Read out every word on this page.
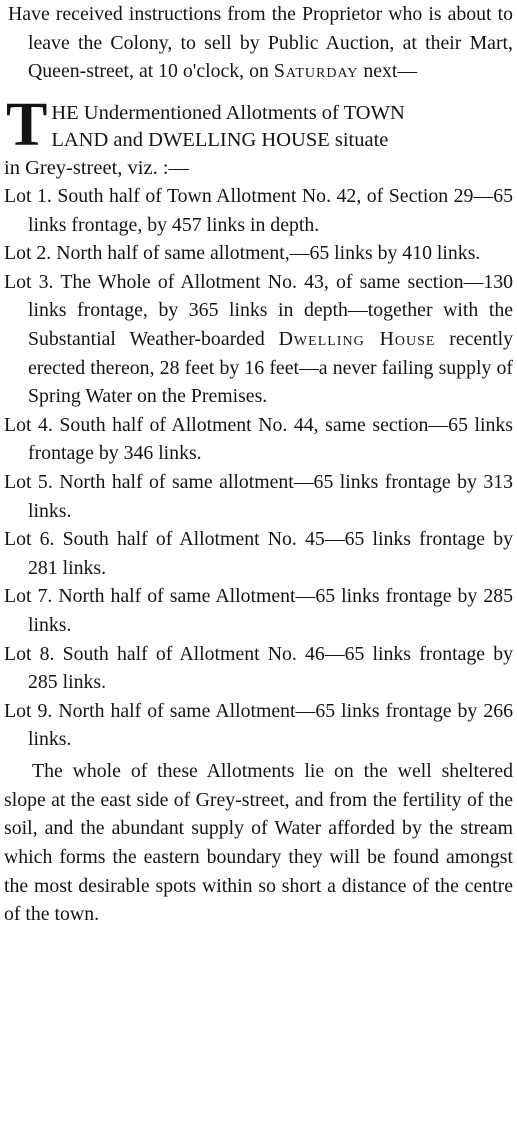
Have received instructions from the Proprietor who is about to leave the Colony, to sell by Public Auction, at their Mart, Queen-street, at 10 o'clock, on Saturday next—

T HE Undermentioned Allotments of TOWN

LAND and DWELLING HOUSE situate

in Grey-street, viz. :—

Lot 1. South half of Town Allotment No. 42, of Section 29—65 links frontage, by 457 links in depth.

Lot 2. North half of same allotment,—65 links by 410 links.

Lot 3. The Whole of Allotment No. 43, of same section—130 links frontage, by 365 links in depth—together with the Substantial Weather-boarded Dwelling House recently erected thereon, 28 feet by 16 feet—a never failing supply of Spring Water on the Premises.

Lot 4. South half of Allotment No. 44, same section—65 links frontage by 346 links.

Lot 5. North half of same allotment—65 links frontage by 313 links.

Lot 6. South half of Allotment No. 45—65 links frontage by 281 links.

Lot 7. North half of same Allotment—65 links frontage by 285 links.

Lot 8. South half of Allotment No. 46—65 links frontage by 285 links.

Lot 9. North half of same Allotment—65 links frontage by 266 links.

The whole of these Allotments lie on the well sheltered slope at the east side of Grey-street, and from the fertility of the soil, and the abundant supply of Water afforded by the stream which forms the eastern boundary they will be found amongst the most desirable spots within so short a distance of the centre of the town.
